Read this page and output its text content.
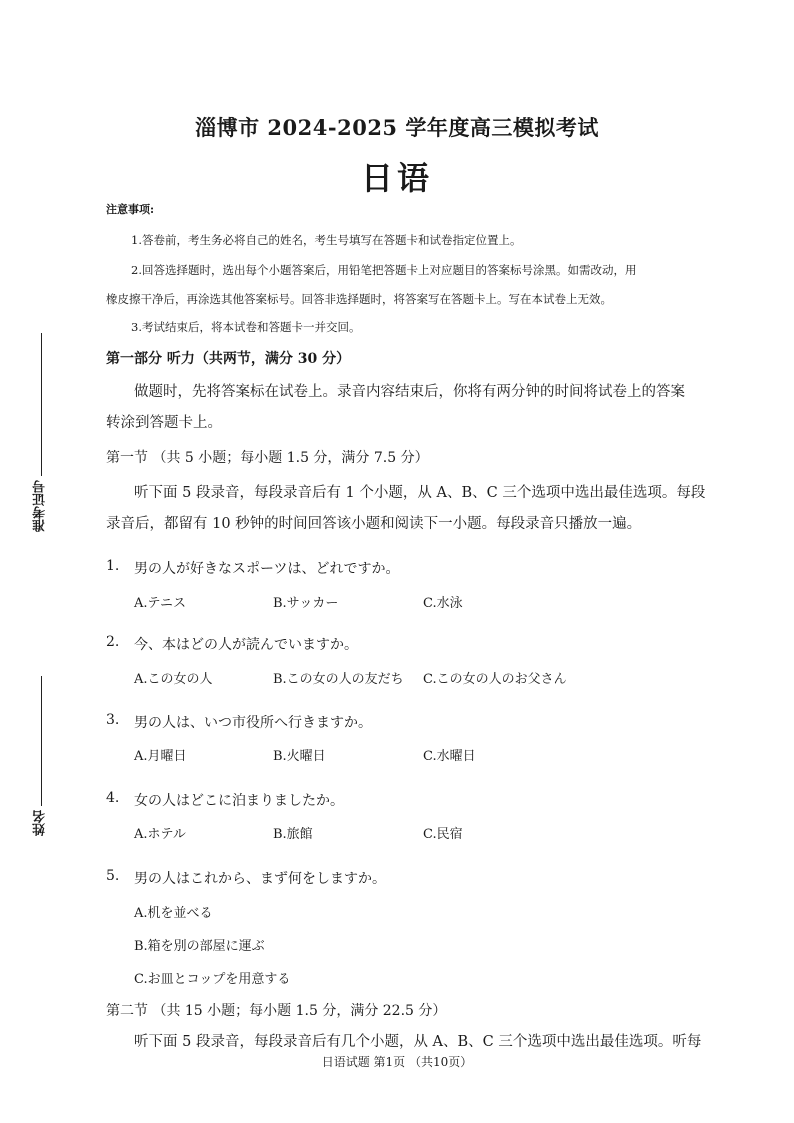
准考证号
姓名
淄博市 2024-2025 学年度高三模拟考试
日语
注意事项:
1.答卷前，考生务必将自己的姓名，考生号填写在答题卡和试卷指定位置上。
2.回答选择题时，选出每个小题答案后，用铅笔把答题卡上对应题目的答案标号涂黑。如需改动，用
橡皮擦干净后，再涂选其他答案标号。回答非选择题时，将答案写在答题卡上。写在本试卷上无效。
3.考试结束后，将本试卷和答题卡一并交回。
第一部分 听力（共两节，满分 30 分）
做题时，先将答案标在试卷上。录音内容结束后，你将有两分钟的时间将试卷上的答案
转涂到答题卡上。
第一节 （共 5 小题；每小题 1.5 分，满分 7.5 分）
听下面 5 段录音，每段录音后有 1 个小题，从 A、B、C 三个选项中选出最佳选项。每段
录音后，都留有 10 秒钟的时间回答该小题和阅读下一小题。每段录音只播放一遍。
1. 男の人が好きなスポーツは、どれですか。
A.テニス	B.サッカー	C.水泳
2. 今、本はどの人が読んでいますか。
A.この女の人	B.この女の人の友だち C.この女の人のお父さん
3. 男の人は、いつ市役所へ行きますか。
A.月曜日	B.火曜日	C.水曜日
4. 女の人はどこに泊まりましたか。
A.ホテル	B.旅館	C.民宿
5. 男の人はこれから、まず何をしますか。
A.机を並べる
B.箱を別の部屋に運ぶ
C.お皿とコップを用意する
第二节 （共 15 小题；每小题 1.5 分，满分 22.5 分）
听下面 5 段录音，每段录音后有几个小题，从 A、B、C 三个选项中选出最佳选项。听每
日语试题 第1页 （共10页）
